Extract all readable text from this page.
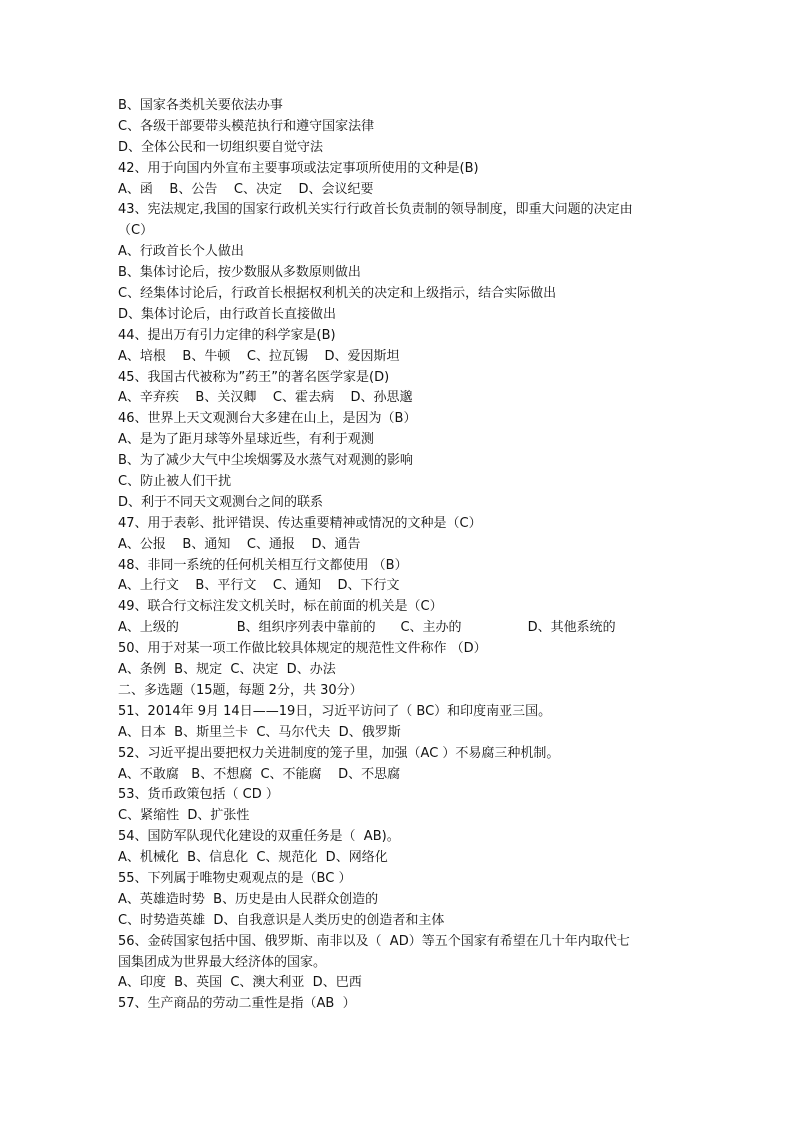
B、国家各类机关要依法办事
C、各级干部要带头模范执行和遵守国家法律
D、全体公民和一切组织要自觉守法
42、用于向国内外宣布主要事项或法定事项所使用的文种是(B)
A、函    B、公告    C、决定    D、会议纪要
43、宪法规定,我国的国家行政机关实行行政首长负责制的领导制度，即重大问题的决定由
（C）
A、行政首长个人做出
B、集体讨论后，按少数服从多数原则做出
C、经集体讨论后，行政首长根据权利机关的决定和上级指示，结合实际做出
D、集体讨论后，由行政首长直接做出
44、提出万有引力定律的科学家是(B)
A、培根    B、牛顿    C、拉瓦锡    D、爱因斯坦
45、我国古代被称为”药王”的著名医学家是(D)
A、辛弃疾    B、关汉卿    C、霍去病    D、孙思邈
46、世界上天文观测台大多建在山上，是因为（B）
A、是为了距月球等外星球近些，有利于观测
B、为了减少大气中尘埃烟雾及水蒸气对观测的影响
C、防止被人们干扰
D、利于不同天文观测台之间的联系
47、用于表彰、批评错误、传达重要精神或情况的文种是（C）
A、公报    B、通知    C、通报    D、通告
48、非同一系统的任何机关相互行文都使用 （B）
A、上行文    B、平行文    C、通知    D、下行文
49、联合行文标注发文机关时，标在前面的机关是（C）
A、上级的              B、组织序列表中靠前的      C、主办的                D、其他系统的
50、用于对某一项工作做比较具体规定的规范性文件称作 （D）
A、条例  B、规定  C、决定  D、办法
二、多选题（15题，每题 2分，共 30分）
51、2014年 9月 14日——19日，习近平访问了（ BC）和印度南亚三国。
A、日本  B、斯里兰卡  C、马尔代夫  D、俄罗斯
52、习近平提出要把权力关进制度的笼子里，加强（AC ）不易腐三种机制。
A、不敢腐   B、不想腐  C、不能腐    D、不思腐
53、货币政策包括（ CD ）
C、紧缩性  D、扩张性
54、国防军队现代化建设的双重任务是（  AB)。
A、机械化  B、信息化  C、规范化  D、网络化
55、下列属于唯物史观观点的是（BC ）
A、英雄造时势  B、历史是由人民群众创造的
C、时势造英雄  D、自我意识是人类历史的创造者和主体
56、金砖国家包括中国、俄罗斯、南非以及（  AD）等五个国家有希望在几十年内取代七
国集团成为世界最大经济体的国家。
A、印度  B、英国  C、澳大利亚  D、巴西
57、生产商品的劳动二重性是指（AB  ）
